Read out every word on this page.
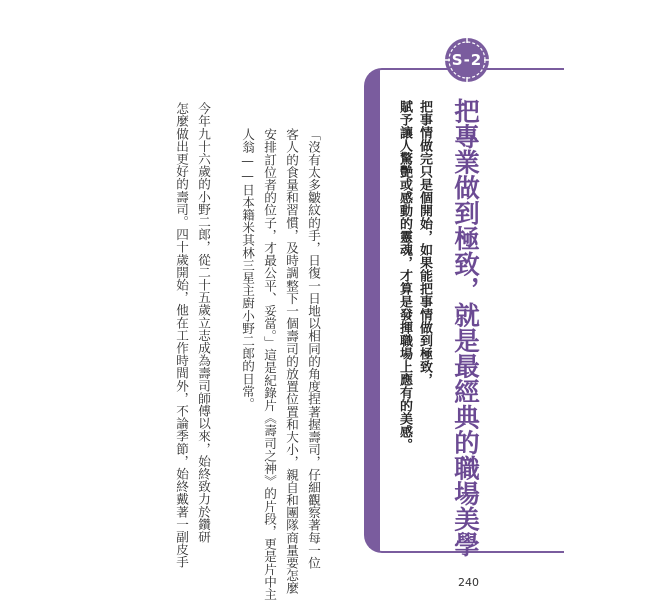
S-2
把專業做到極致，就是最經典的職場美學
把事情做完只是個開始，如果能把事情做到極致，
賦予讓人驚艷或感動的靈魂，才算是發揮職場上應有的美感。
「沒有太多皺紋的手，日復一日地以相同的角度捏著握壽司，仔細觀察著每一位
客人的食量和習慣，及時調整下一個壽司的放置位置和大小，親自和團隊商量要怎麼
安排訂位者的位子，才最公平、妥當。」這是紀錄片《壽司之神》的片段，更是片中主
人翁——日本籍米其林三星主廚小野二郎的日常。
今年九十六歲的小野二郎，從二十五歲立志成為壽司師傅以來，始終致力於鑽研
怎麼做出更好的壽司。四十歲開始，他在工作時間外，不論季節，始終戴著一副皮手
240
